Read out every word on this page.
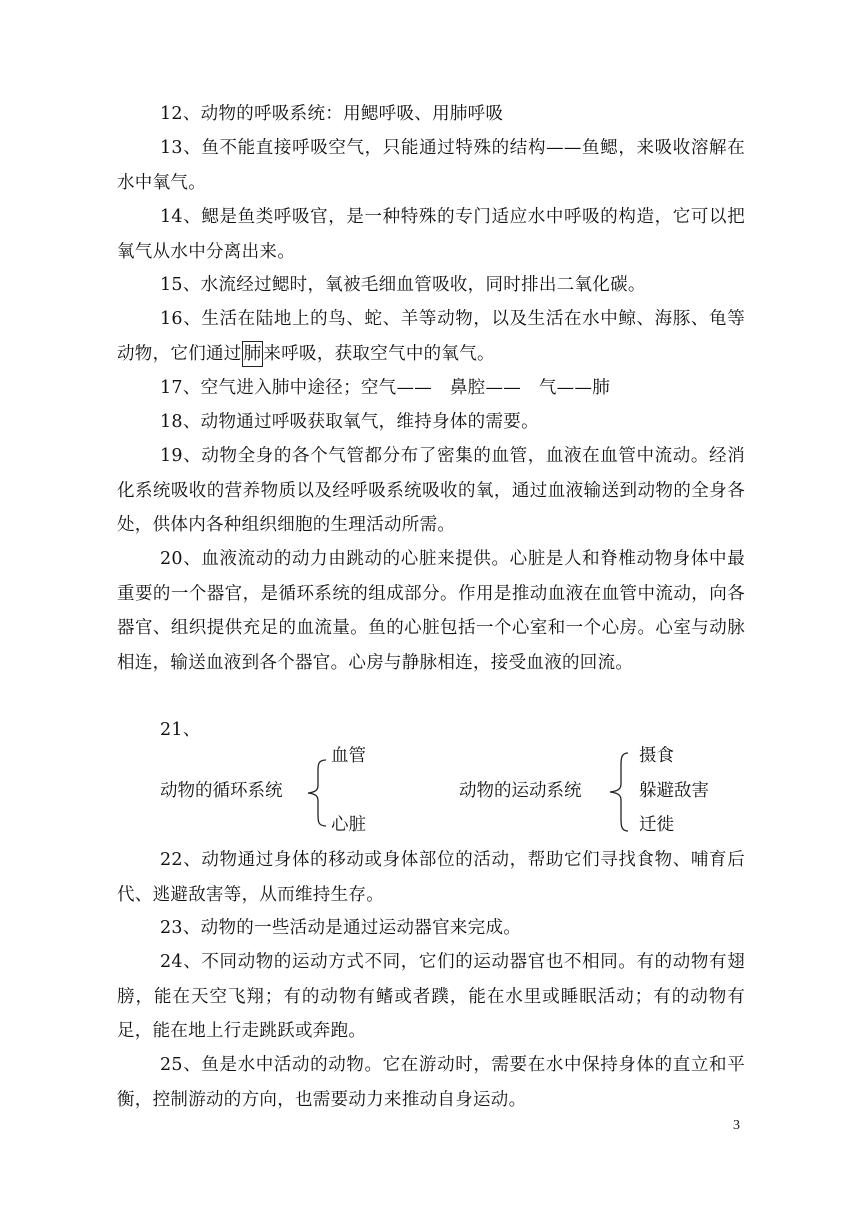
12、动物的呼吸系统：用鳃呼吸、用肺呼吸

13、鱼不能直接呼吸空气，只能通过特殊的结构——鱼鳃，来吸收溶解在水中氧气。

14、鳃是鱼类呼吸官，是一种特殊的专门适应水中呼吸的构造，它可以把氧气从水中分离出来。

15、水流经过鳃时，氧被毛细血管吸收，同时排出二氧化碳。

16、生活在陆地上的鸟、蛇、羊等动物，以及生活在水中鲸、海豚、龟等动物，它们通过 肺 来呼吸，获取空气中的氧气。

17、空气进入肺中途径；空气——　鼻腔——　气——肺

18、动物通过呼吸获取氧气，维持身体的需要。

19、动物全身的各个气管都分布了密集的血管，血液在血管中流动。经消化系统吸收的营养物质以及经呼吸系统吸收的氧，通过血液输送到动物的全身各处，供体内各种组织细胞的生理活动所需。

20、血液流动的动力由跳动的心脏来提供。心脏是人和脊椎动物身体中最重要的一个器官，是循环系统的组成部分。作用是推动血液在血管中流动，向各器官、组织提供充足的血流量。鱼的心脏包括一个心室和一个心房。心室与动脉相连，输送血液到各个器官。心房与静脉相连，接受血液的回流。

21、

动物的循环系统
血管
心脏
动物的运动系统
摄食
躲避敌害
迁徙

22、动物通过身体的移动或身体部位的活动，帮助它们寻找食物、哺育后代、逃避敌害等，从而维持生存。

23、动物的一些活动是通过运动器官来完成。

24、不同动物的运动方式不同，它们的运动器官也不相同。有的动物有翅膀，能在天空飞翔；有的动物有鳍或者蹼，能在水里或睡眠活动；有的动物有足，能在地上行走跳跃或奔跑。

25、鱼是水中活动的动物。它在游动时，需要在水中保持身体的直立和平衡，控制游动的方向，也需要动力来推动自身运动。

3
